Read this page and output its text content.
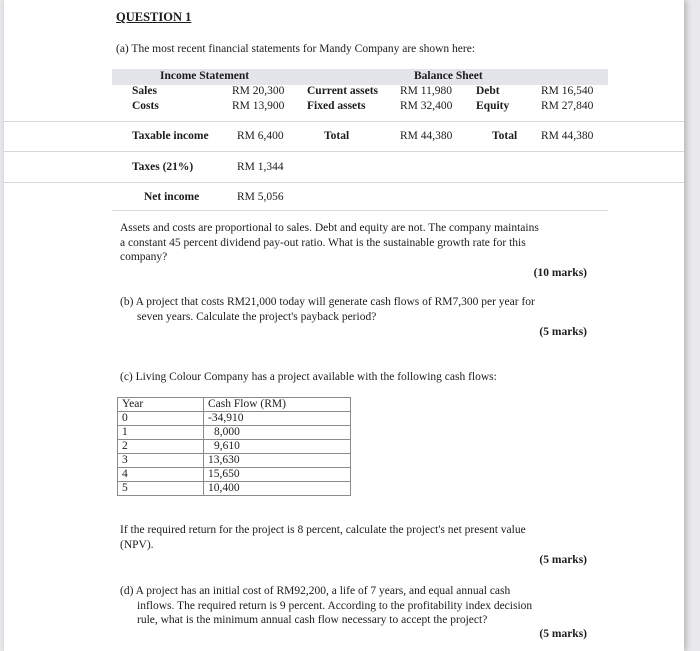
QUESTION 1
(a) The most recent financial statements for Mandy Company are shown here:
Income Statement	Balance Sheet
Sales	RM 20,300 Current assets RM 11,980 Debt	RM 16,540
Costs	RM 13,900 Fixed assets	RM 32,400 Equity	RM 27,840
Taxable income RM 6,400	Total	RM 44,380	Total RM 44,380
Taxes (21%)	RM 1,344
Net income	RM 5,056
Assets and costs are proportional to sales. Debt and equity are not. The company maintains
a constant 45 percent dividend pay-out ratio. What is the sustainable growth rate for this
company?
(10 marks)
(b) A project that costs RM21,000 today will generate cash flows of RM7,300 per year for
seven years. Calculate the project's payback period?
(5 marks)
(c) Living Colour Company has a project available with the following cash flows:
Year	Cash Flow (RM)
0	-34,910
1	8,000
2	9,610
3	13,630
4	15,650
5	10,400
If the required return for the project is 8 percent, calculate the project's net present value
(NPV).
(5 marks)
(d) A project has an initial cost of RM92,200, a life of 7 years, and equal annual cash
inflows. The required return is 9 percent. According to the profitability index decision
rule, what is the minimum annual cash flow necessary to accept the project?
(5 marks)
